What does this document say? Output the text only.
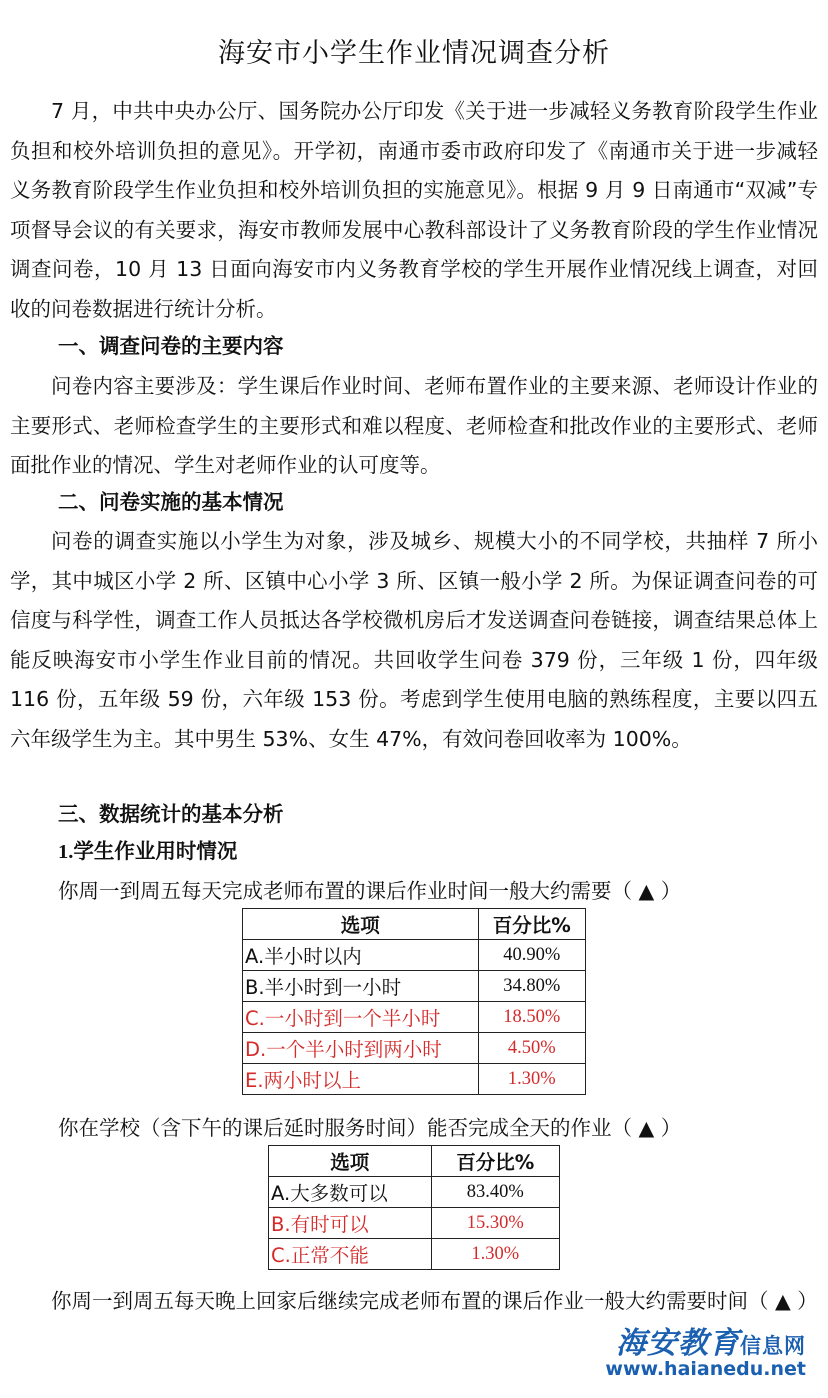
海安市小学生作业情况调查分析

7 月，中共中央办公厅、国务院办公厅印发《关于进一步减轻义务教育阶段学生作业负担和校外培训负担的意见》。开学初，南通市委市政府印发了《南通市关于进一步减轻义务教育阶段学生作业负担和校外培训负担的实施意见》。根据 9 月 9 日南通市“双减”专项督导会议的有关要求，海安市教师发展中心教科部设计了义务教育阶段的学生作业情况调查问卷，10 月 13 日面向海安市内义务教育学校的学生开展作业情况线上调查，对回收的问卷数据进行统计分析。

一、调查问卷的主要内容

问卷内容主要涉及：学生课后作业时间、老师布置作业的主要来源、老师设计作业的主要形式、老师检查学生的主要形式和难以程度、老师检查和批改作业的主要形式、老师面批作业的情况、学生对老师作业的认可度等。

二、问卷实施的基本情况

问卷的调查实施以小学生为对象，涉及城乡、规模大小的不同学校，共抽样 7 所小学，其中城区小学 2 所、区镇中心小学 3 所、区镇一般小学 2 所。为保证调查问卷的可信度与科学性，调查工作人员抵达各学校微机房后才发送调查问卷链接，调查结果总体上能反映海安市小学生作业目前的情况。共回收学生问卷 379 份，三年级 1 份，四年级 116 份，五年级 59 份，六年级 153 份。考虑到学生使用电脑的熟练程度，主要以四五六年级学生为主。其中男生 53%、女生 47%，有效问卷回收率为 100%。

三、数据统计的基本分析

1.学生作业用时情况

你周一到周五每天完成老师布置的课后作业时间一般大约需要（ ▲ ）

选项	百分比%
A.半小时以内	40.90%
B.半小时到一小时	34.80%
C.一小时到一个半小时	18.50%
D.一个半小时到两小时	4.50%
E.两小时以上	1.30%

你在学校（含下午的课后延时服务时间）能否完成全天的作业（ ▲ ）

选项	百分比%
A.大多数可以	83.40%
B.有时可以	15.30%
C.正常不能	1.30%

你周一到周五每天晚上回家后继续完成老师布置的课后作业一般大约需要时间（ ▲ ）

海安教育信息网
www.haianedu.net
